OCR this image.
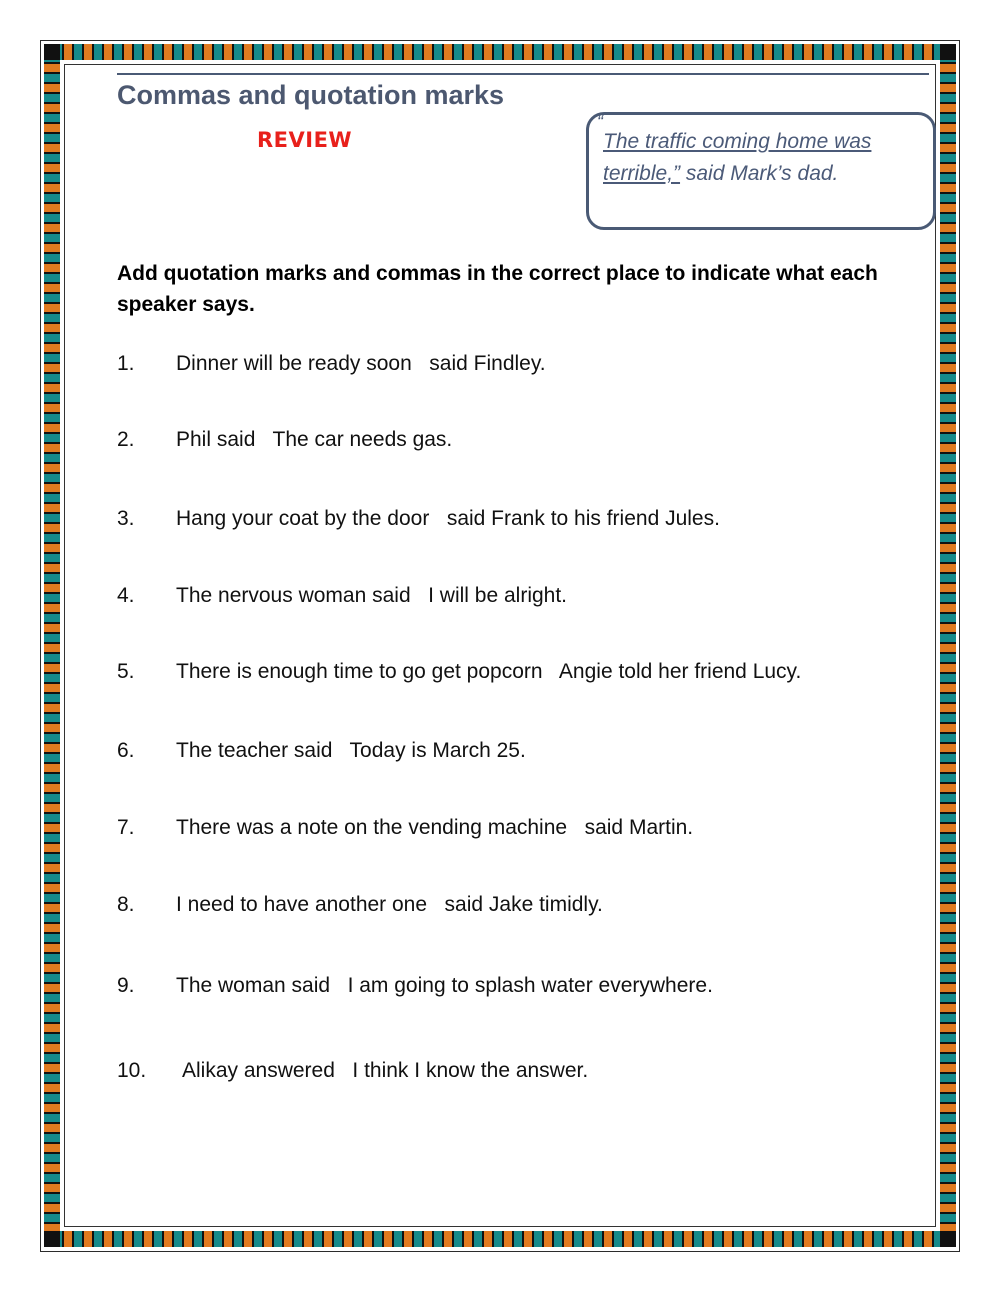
Commas and quotation marks
REVIEW
“
The traffic coming home was
terrible,” said Mark’s dad.
Add quotation marks and commas in the correct place to indicate what each speaker says.
1. Dinner will be ready soon   said Findley.
2. Phil said   The car needs gas.
3. Hang your coat by the door   said Frank to his friend Jules.
4. The nervous woman said   I will be alright.
5. There is enough time to go get popcorn   Angie told her friend Lucy.
6. The teacher said   Today is March 25.
7. There was a note on the vending machine   said Martin.
8. I need to have another one   said Jake timidly.
9. The woman said   I am going to splash water everywhere.
10. Alikay answered   I think I know the answer.
